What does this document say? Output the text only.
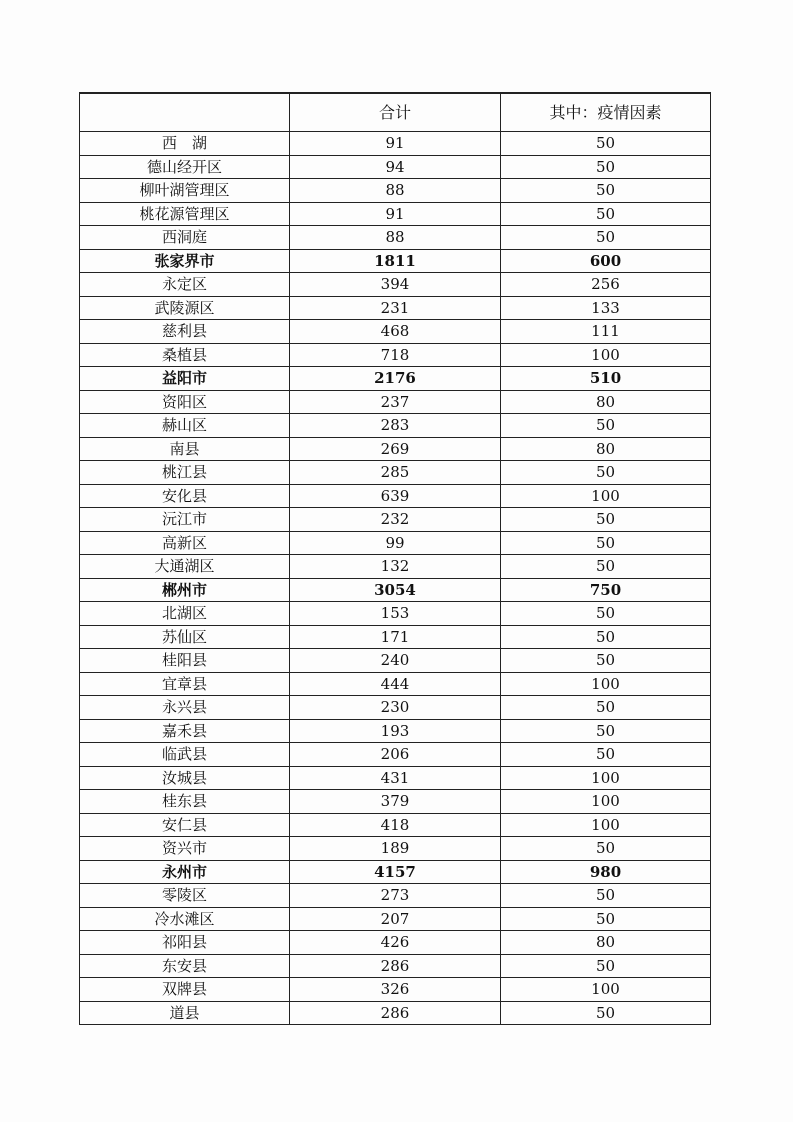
	合计	其中：疫情因素
西　湖	91	50
德山经开区	94	50
柳叶湖管理区	88	50
桃花源管理区	91	50
西洞庭	88	50
张家界市	1811	600
永定区	394	256
武陵源区	231	133
慈利县	468	111
桑植县	718	100
益阳市	2176	510
资阳区	237	80
赫山区	283	50
南县	269	80
桃江县	285	50
安化县	639	100
沅江市	232	50
高新区	99	50
大通湖区	132	50
郴州市	3054	750
北湖区	153	50
苏仙区	171	50
桂阳县	240	50
宜章县	444	100
永兴县	230	50
嘉禾县	193	50
临武县	206	50
汝城县	431	100
桂东县	379	100
安仁县	418	100
资兴市	189	50
永州市	4157	980
零陵区	273	50
冷水滩区	207	50
祁阳县	426	80
东安县	286	50
双牌县	326	100
道县	286	50
